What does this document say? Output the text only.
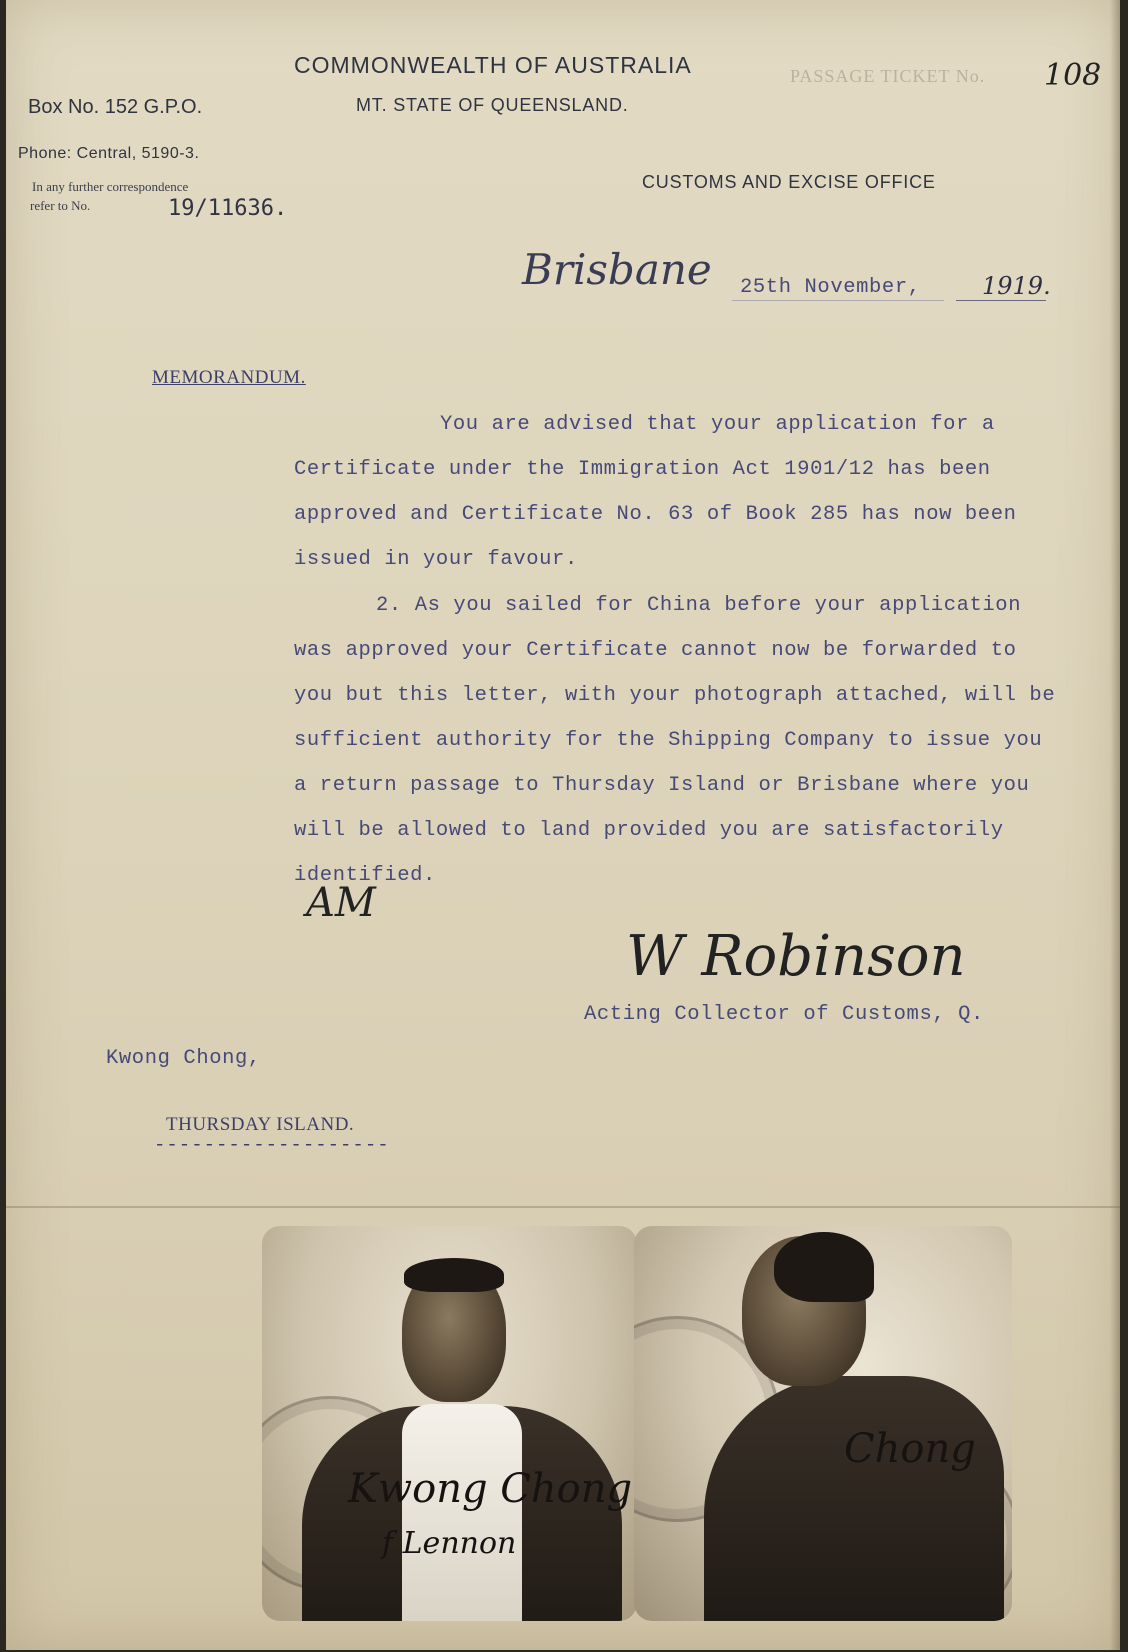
COMMONWEALTH OF AUSTRALIA
MT. STATE OF QUEENSLAND.
CUSTOMS AND EXCISE OFFICE
Box No. 152 G.P.O.
Phone: Central, 5190-3.
In any further correspondence
refer to No.	19/11636.
PASSAGE TICKET No. 108
Brisbane 25th November,	1919.
MEMORANDUM.
You are advised that your application for a
Certificate under the Immigration Act 1901/12 has been
approved and Certificate No. 63 of Book 285 has now been
issued in your favour.
2. As you sailed for China before your application
was approved your Certificate cannot now be forwarded to
you but this letter, with your photograph attached, will be
sufficient authority for the Shipping Company to issue you
a return passage to Thursday Island or Brisbane where you
will be allowed to land provided you are satisfactorily
identified.
AM
W Robinson
Acting Collector of Customs, Q.
Kwong Chong,
THURSDAY ISLAND.
-------------------
Kwong Chong
f Lennon
Chong
